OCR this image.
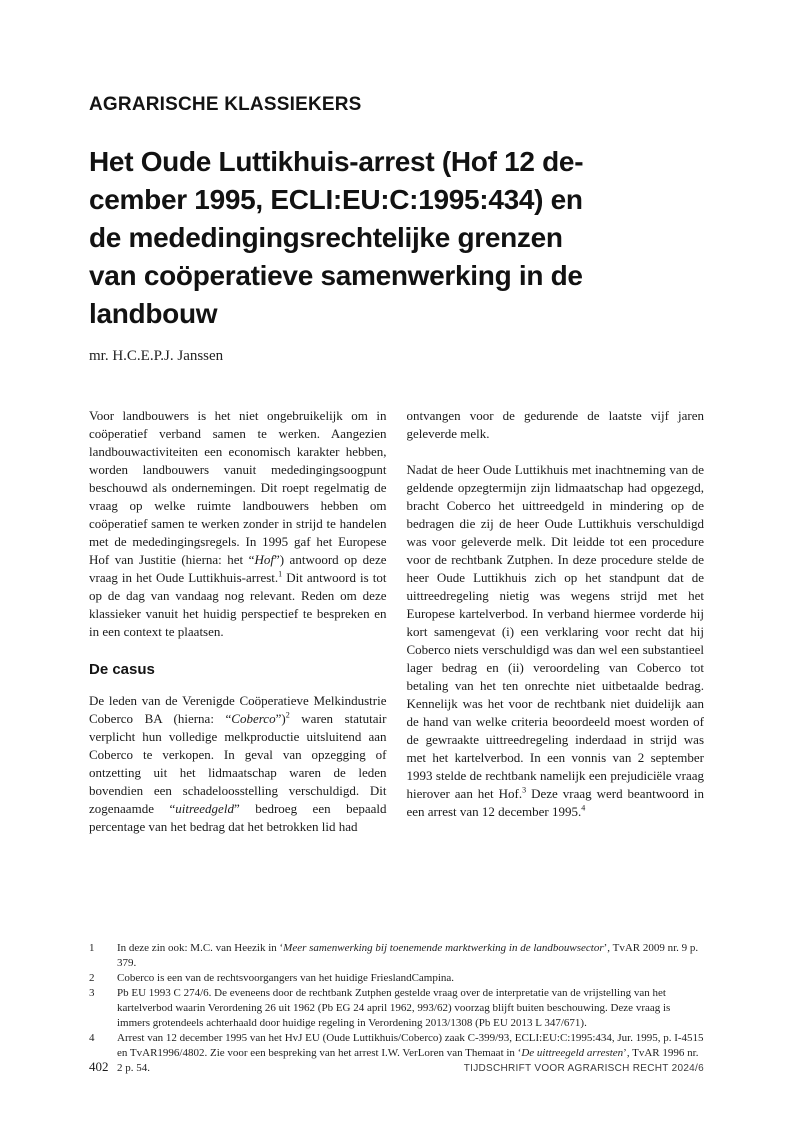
AGRARISCHE KLASSIEKERS
Het Oude Luttikhuis-arrest (Hof 12 de-
cember 1995, ECLI:EU:C:1995:434) en
de mededingingsrechtelijke grenzen
van coöperatieve samenwerking in de
landbouw
mr. H.C.E.P.J. Janssen

Voor landbouwers is het niet ongebruikelijk om in coöperatief verband samen te werken. Aangezien landbouwactiviteiten een economisch karakter hebben, worden landbouwers vanuit mededingingsoogpunt beschouwd als ondernemingen. Dit roept regelmatig de vraag op welke ruimte landbouwers hebben om coöperatief samen te werken zonder in strijd te handelen met de mededingingsregels. In 1995 gaf het Europese Hof van Justitie (hierna: het “Hof”) antwoord op deze vraag in het Oude Luttikhuis-arrest.$^1$ Dit antwoord is tot op de dag van vandaag nog relevant. Reden om deze klassieker vanuit het huidig perspectief te bespreken en in een context te plaatsen.

De casus

De leden van de Verenigde Coöperatieve Melkindustrie Coberco BA (hierna: “Coberco”)$^2$ waren statutair verplicht hun volledige melkproductie uitsluitend aan Coberco te verkopen. In geval van opzegging of ontzetting uit het lidmaatschap waren de leden bovendien een schadeloosstelling verschuldigd. Dit zogenaamde “uitreedgeld” bedroeg een bepaald percentage van het bedrag dat het betrokken lid had

ontvangen voor de gedurende de laatste vijf jaren geleverde melk.

Nadat de heer Oude Luttikhuis met inachtneming van de geldende opzegtermijn zijn lidmaatschap had opgezegd, bracht Coberco het uittreedgeld in mindering op de bedragen die zij de heer Oude Luttikhuis verschuldigd was voor geleverde melk. Dit leidde tot een procedure voor de rechtbank Zutphen. In deze procedure stelde de heer Oude Luttikhuis zich op het standpunt dat de uittreedregeling nietig was wegens strijd met het Europese kartelverbod. In verband hiermee vorderde hij kort samengevat (i) een verklaring voor recht dat hij Coberco niets verschuldigd was dan wel een substantieel lager bedrag en (ii) veroordeling van Coberco tot betaling van het ten onrechte niet uitbetaalde bedrag. Kennelijk was het voor de rechtbank niet duidelijk aan de hand van welke criteria beoordeeld moest worden of de gewraakte uittreedregeling inderdaad in strijd was met het kartelverbod. In een vonnis van 2 september 1993 stelde de rechtbank namelijk een prejudiciële vraag hierover aan het Hof.$^3$ Deze vraag werd beantwoord in een arrest van 12 december 1995.$^4$

1	In deze zin ook: M.C. van Heezik in ‘Meer samenwerking bij toenemende marktwerking in de landbouwsector’, TvAR 2009 nr. 9 p. 379.
2	Coberco is een van de rechtsvoorgangers van het huidige FrieslandCampina.
3	Pb EU 1993 C 274/6. De eveneens door de rechtbank Zutphen gestelde vraag over de interpretatie van de vrijstelling van het kartelverbod waarin Verordening 26 uit 1962 (Pb EG 24 april 1962, 993/62) voorzag blijft buiten beschouwing. Deze vraag is immers grotendeels achterhaald door huidige regeling in Verordening 2013/1308 (Pb EU 2013 L 347/671).
4	Arrest van 12 december 1995 van het HvJ EU (Oude Luttikhuis/Coberco) zaak C-399/93, ECLI:EU:C:1995:434, Jur. 1995, p. I-4515 en TvAR1996/4802. Zie voor een bespreking van het arrest I.W. VerLoren van Themaat in ‘De uittreegeld arresten’, TvAR 1996 nr. 2 p. 54.
402	TIJDSCHRIFT VOOR AGRARISCH RECHT 2024/6
